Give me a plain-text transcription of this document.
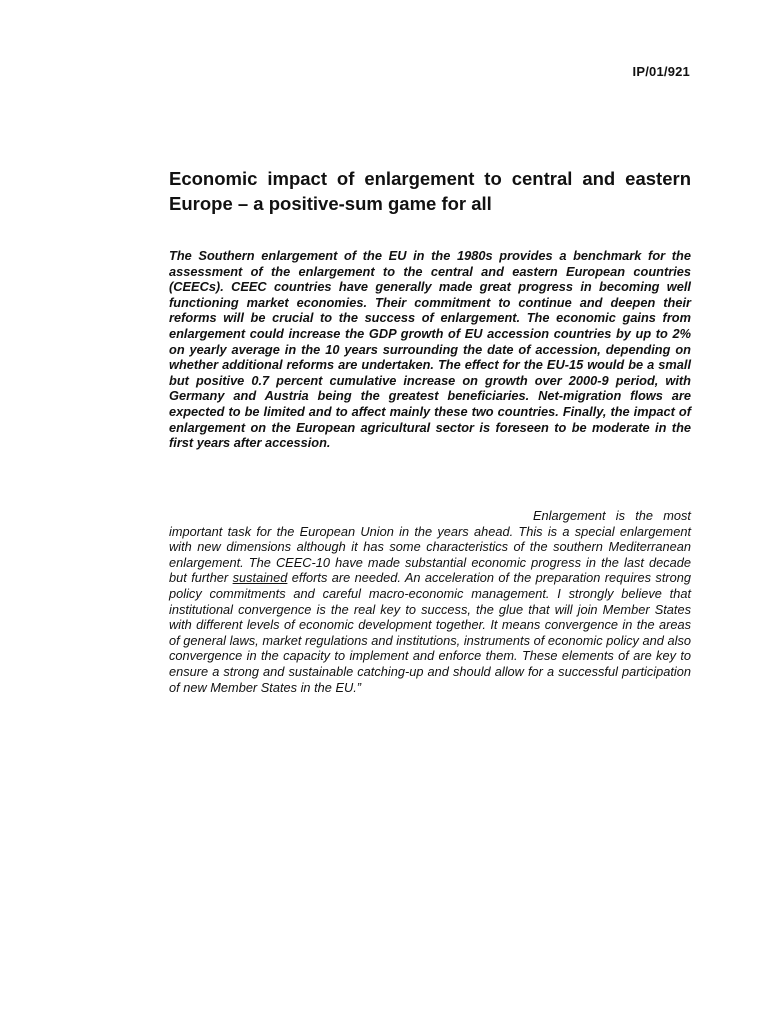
IP/01/921
Economic impact of enlargement to central and eastern Europe – a positive-sum game for all

The Southern enlargement of the EU in the 1980s provides a benchmark for the assessment of the enlargement to the central and eastern European countries (CEECs). CEEC countries have generally made great progress in becoming well functioning market economies. Their commitment to continue and deepen their reforms will be crucial to the success of enlargement. The economic gains from enlargement could increase the GDP growth of EU accession countries by up to 2% on yearly average in the 10 years surrounding the date of accession, depending on whether additional reforms are undertaken. The effect for the EU-15 would be a small but positive 0.7 percent cumulative increase on growth over 2000-9 period, with Germany and Austria being the greatest beneficiaries. Net-migration flows are expected to be limited and to affect mainly these two countries. Finally, the impact of enlargement on the European agricultural sector is foreseen to be moderate in the first years after accession.

Enlargement is the most important task for the European Union in the years ahead. This is a special enlargement with new dimensions although it has some characteristics of the southern Mediterranean enlargement. The CEEC-10 have made substantial economic progress in the last decade but further sustained efforts are needed. An acceleration of the preparation requires strong policy commitments and careful macro-economic management. I strongly believe that institutional convergence is the real key to success, the glue that will join Member States with different levels of economic development together. It means convergence in the areas of general laws, market regulations and institutions, instruments of economic policy and also convergence in the capacity to implement and enforce them. These elements of are key to ensure a strong and sustainable catching-up and should allow for a successful participation of new Member States in the EU.”
